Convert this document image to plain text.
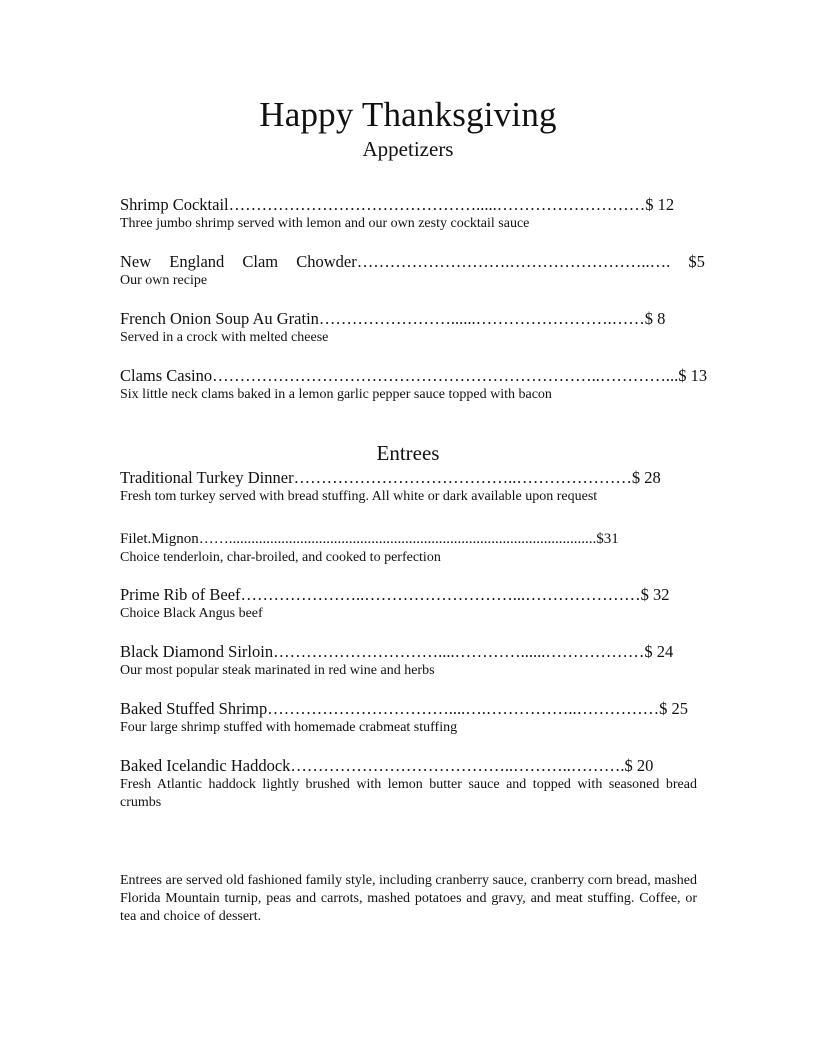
Happy Thanksgiving
Appetizers
Shrimp Cocktail……………………………………….....………………………$ 12
Three jumbo shrimp served with lemon and our own zesty cocktail sauce
New England Clam Chowder……………………….……………………..…. $5
Our own recipe
French Onion Soup Au Gratin……………………......…………………….……$ 8
Served in a crock with melted cheese
Clams Casino……………………………………………………………..…………...$ 13
Six little neck clams baked in a lemon garlic pepper sauce topped with bacon
Entrees
Traditional Turkey Dinner…………………………………..…………………$ 28
Fresh tom turkey served with bread stuffing. All white or dark available upon request
Filet.Mignon……..................................................................................................$31
Choice tenderloin, char-broiled, and cooked to perfection
Prime Rib of Beef…………………..………………………...…………………$ 32
Choice Black Angus beef
Black Diamond Sirloin…………………………....…………......………………$ 24
Our most popular steak marinated in red wine and herbs
Baked Stuffed Shrimp……………………………....….……………..……………$ 25
Four large shrimp stuffed with homemade crabmeat stuffing
Baked Icelandic Haddock…………………………………..………..……….$ 20
Fresh Atlantic haddock lightly brushed with lemon butter sauce and topped with seasoned bread crumbs
Entrees are served old fashioned family style, including cranberry sauce, cranberry corn bread, mashed Florida Mountain turnip, peas and carrots, mashed potatoes and gravy, and meat stuffing. Coffee, or tea and choice of dessert.
